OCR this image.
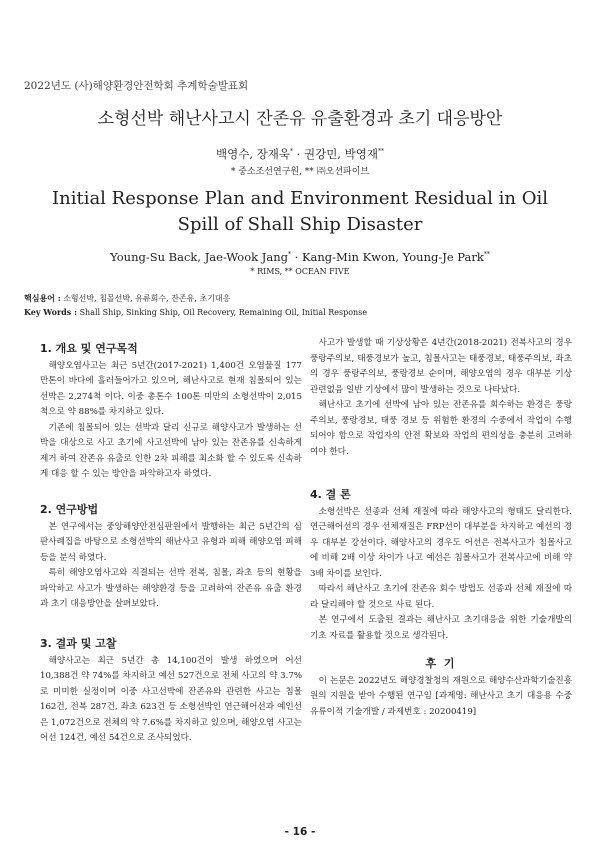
2022년도 (사)해양환경안전학회 추계학술발표회
소형선박 해난사고시 잔존유 유출환경과 초기 대응방안
백영수, 장재욱* · 권강민, 박영재**
* 중소조선연구원, ** ㈜오션파이브
Initial Response Plan and Environment Residual in Oil Spill of Shall Ship Disaster
Young-Su Back, Jae-Wook Jang* · Kang-Min Kwon, Young-Je Park**
* RIMS, ** OCEAN FIVE
핵심용어 : 소형선박, 침몰선박, 유류회수, 잔존유, 초기대응
Key Words : Shall Ship, Sinking Ship, Oil Recovery, Remaining Oil, Initial Response
1. 개요 및 연구목적

해양오염사고는 최근 5년간(2017-2021) 1,400건 오염물질 177만톤이 바다에 흘러들어가고 있으며, 해난사고로 현재 침몰되어 있는 선박은 2,274척 이다. 이중 총톤수 100톤 미만의 소형선박이 2,015척으로 약 88%를 차지하고 있다.

기존에 침몰되어 있는 선박과 달리 신규로 해양사고가 발생하는 선박을 대상으로 사고 초기에 사고선박에 남아 있는 잔존유를 신속하게 제거 하여 잔존유 유출로 인한 2차 피해를 최소화 할 수 있도록 신속하게 대응 할 수 있는 방안을 파악하고자 하였다.

2. 연구방법

본 연구에서는 중앙해양안전심판원에서 발행하는 최근 5년간의 심판사례집을 바탕으로 소형선박의 해난사고 유형과 피해 해양오염 피해 등을 분석 하였다.

특히 해양오염사고와 직결되는 선박 전복, 침몰, 좌초 등의 현황을 파악하고 사고가 발생하는 해양환경 등을 고려하여 잔존유 유출 환경과 초기 대응방안을 살펴보았다.

3. 결과 및 고찰

해양사고는 최근 5년간 총 14,100건이 발생 하였으며 어선 10,388건 약 74%를 차지하고 예선 527건으로 전체 사고의 약 3.7%로 미미한 실정이며 이중 사고선박에 잔존유와 관련한 사고는 침몰 162건, 전복 287건, 좌초 623건 등 소형선박인 연근해어선과 예인선은 1,072건으로 전체의 약 7.6%를 차지하고 있으며, 해양오염 사고는 어선 124건, 예선 54건으로 조사되었다.

사고가 발생할 때 기상상황은 4년간(2018-2021) 전복사고의 경우 풍랑주의보, 태풍경보가 높고, 침몰사고는 태풍경보, 태풍주의보, 좌초의 경우 풍랑주의보, 풍랑경보 순이며, 해양오염의 경우 대부분 기상 관련없음 일반 기상에서 많이 발생하는 것으로 나타났다.

해난사고 초기에 선박에 남아 있는 잔존유를 회수하는 환경은 풍랑주의보, 풍랑경보, 태풍 경보 등 위험한 환경의 수중에서 작업이 수행되어야 함으로 작업자의 안전 확보와 작업의 편의성을 충분히 고려하여야 한다.

4. 결 론

소형선박은 선종과 선체 재질에 따라 해양사고의 형태도 달리한다. 연근해어선의 경우 선체재질은 FRP선이 대부분을 차지하고 예선의 경우 대부분 강선이다. 해양사고의 경우도 어선은 전복사고가 침몰사고에 비해 2배 이상 차이가 나고 예선은 침몰사고가 전복사고에 비해 약 3배 차이를 보인다.

따라서 해난사고 초기에 잔존유 회수 방법도 선종과 선체 재질에 따라 달리해야 할 것으로 사료 된다.

본 연구에서 도출된 결과는 해난사고 초기대응을 위한 기술개발의 기초 자료를 활용할 것으로 생각된다.

후 기

이 논문은 2022년도 해양경찰청의 재원으로 해양수산과학기술진흥원의 지원을 받아 수행된 연구임 [과제명: 해난사고 초기 대응용 수중 유류이적 기술개발 / 과제번호 : 20200419]

- 16 -
